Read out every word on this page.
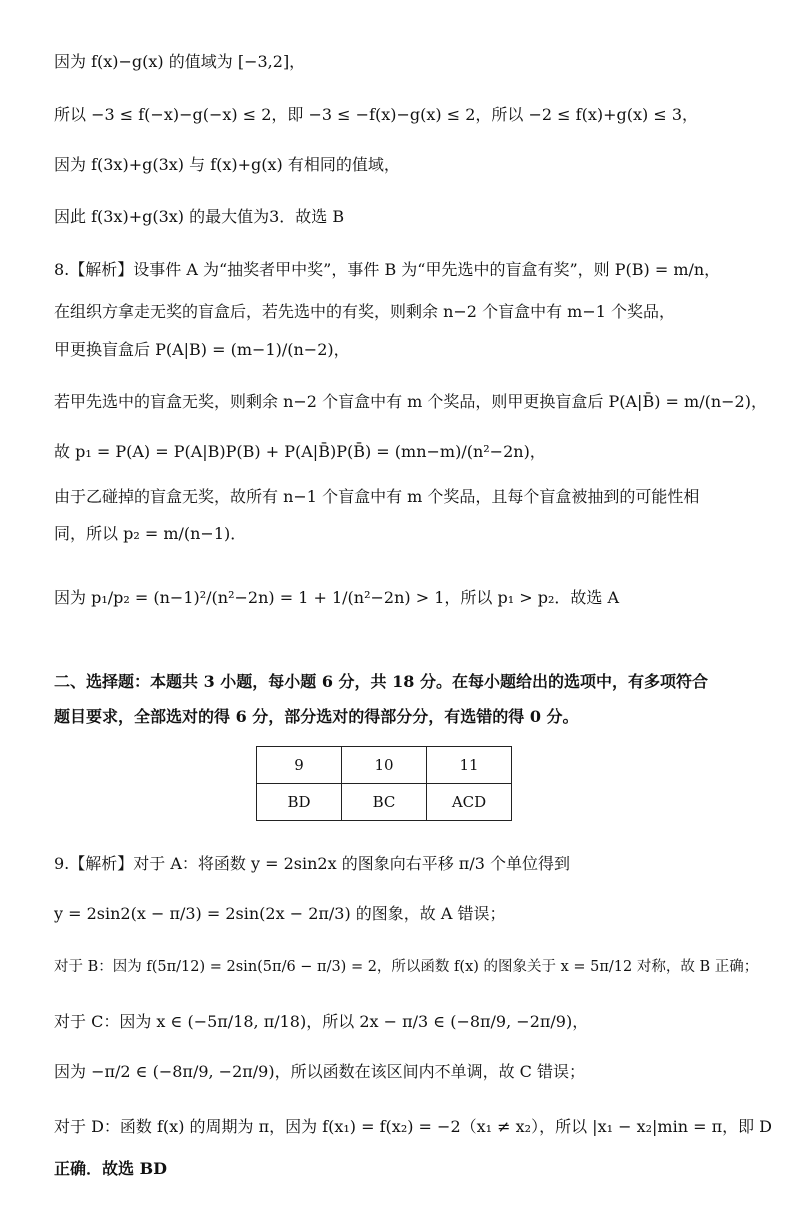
因为 f(x)−g(x) 的值域为 [−3,2]，
所以 −3 ≤ f(−x)−g(−x) ≤ 2，即 −3 ≤ −f(x)−g(x) ≤ 2，所以 −2 ≤ f(x)+g(x) ≤ 3，
因为 f(3x)+g(3x) 与 f(x)+g(x) 有相同的值域，
因此 f(3x)+g(3x) 的最大值为3．故选 B
8.【解析】设事件 A 为“抽奖者甲中奖”，事件 B 为“甲先选中的盲盒有奖”，则 P(B) = m/n，
在组织方拿走无奖的盲盒后，若先选中的有奖，则剩余 n−2 个盲盒中有 m−1 个奖品，
甲更换盲盒后 P(A|B) = (m−1)/(n−2)，
若甲先选中的盲盒无奖，则剩余 n−2 个盲盒中有 m 个奖品，则甲更换盲盒后 P(A|B̄) = m/(n−2)，
故 p₁ = P(A) = P(A|B)P(B) + P(A|B̄)P(B̄) = (mn−m)/(n²−2n)，
由于乙碰掉的盲盒无奖，故所有 n−1 个盲盒中有 m 个奖品，且每个盲盒被抽到的可能性相
同，所以 p₂ = m/(n−1)．
因为 p₁/p₂ = (n−1)²/(n²−2n) = 1 + 1/(n²−2n) > 1，所以 p₁ > p₂．故选 A
二、选择题：本题共 3 小题，每小题 6 分，共 18 分。在每小题给出的选项中，有多项符合
题目要求，全部选对的得 6 分，部分选对的得部分分，有选错的得 0 分。
9	10	11
BD	BC	ACD
9.【解析】对于 A：将函数 y = 2sin2x 的图象向右平移 π/3 个单位得到
y = 2sin2(x − π/3) = 2sin(2x − 2π/3) 的图象，故 A 错误；
对于 B：因为 f(5π/12) = 2sin(5π/6 − π/3) = 2，所以函数 f(x) 的图象关于 x = 5π/12 对称，故 B 正确；
对于 C：因为 x ∈ (−5π/18, π/18)，所以 2x − π/3 ∈ (−8π/9, −2π/9)，
因为 −π/2 ∈ (−8π/9, −2π/9)，所以函数在该区间内不单调，故 C 错误；
对于 D：函数 f(x) 的周期为 π，因为 f(x₁) = f(x₂) = −2（x₁ ≠ x₂），所以 |x₁ − x₂|min = π，即 D
正确．故选 BD
